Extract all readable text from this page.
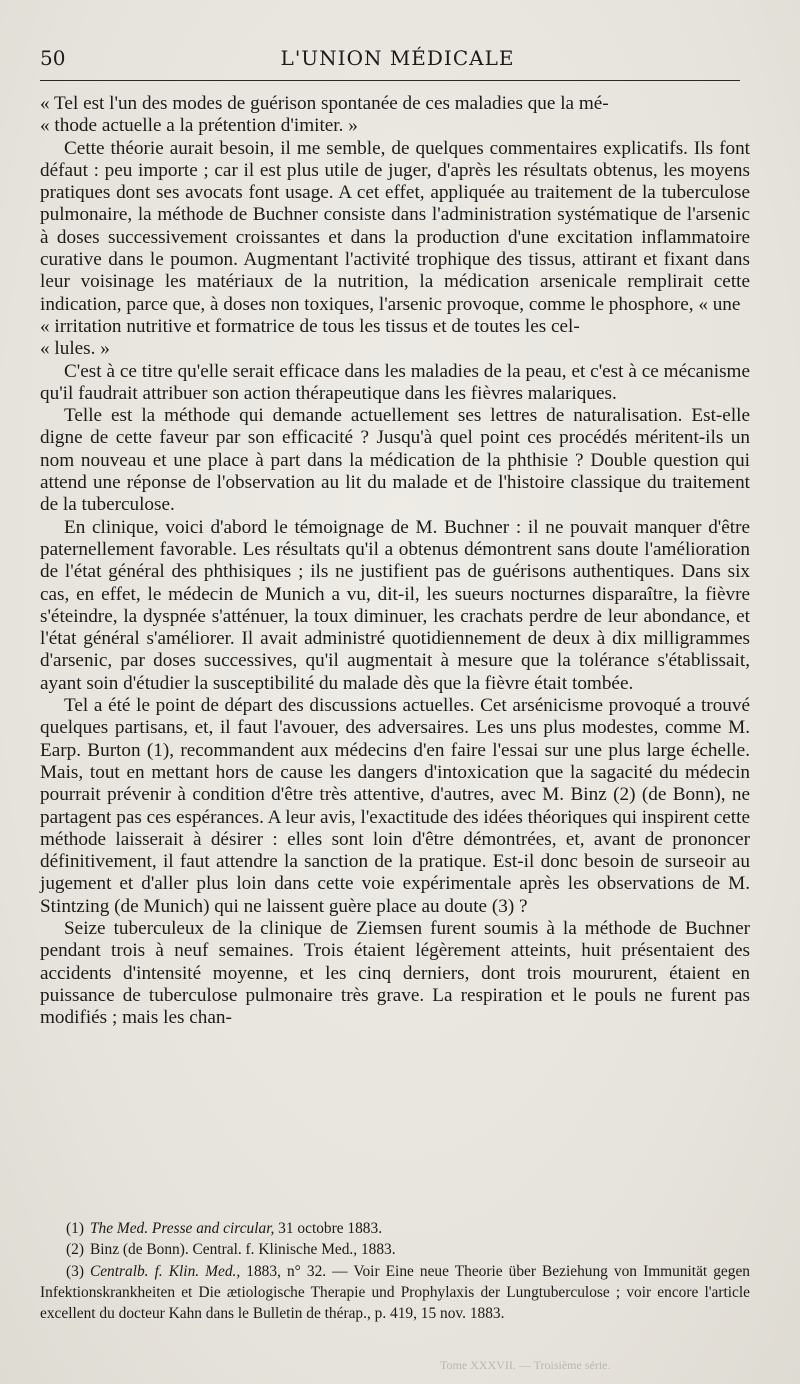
50	L'UNION MÉDICALE

« Tel est l'un des modes de guérison spontanée de ces maladies que la mé-

« thode actuelle a la prétention d'imiter. »

Cette théorie aurait besoin, il me semble, de quelques commentaires explicatifs. Ils font défaut : peu importe ; car il est plus utile de juger, d'après les résultats obtenus, les moyens pratiques dont ses avocats font usage. A cet effet, appliquée au traitement de la tuberculose pulmonaire, la méthode de Buchner consiste dans l'administration systématique de l'arsenic à doses successivement croissantes et dans la production d'une excitation inflammatoire curative dans le poumon. Augmentant l'activité trophique des tissus, attirant et fixant dans leur voisinage les matériaux de la nutrition, la médication arsenicale remplirait cette indication, parce que, à doses non toxiques, l'arsenic provoque, comme le phosphore, « une

« irritation nutritive et formatrice de tous les tissus et de toutes les cel-

« lules. »

C'est à ce titre qu'elle serait efficace dans les maladies de la peau, et c'est à ce mécanisme qu'il faudrait attribuer son action thérapeutique dans les fièvres malariques.

Telle est la méthode qui demande actuellement ses lettres de naturalisation. Est-elle digne de cette faveur par son efficacité ? Jusqu'à quel point ces procédés méritent-ils un nom nouveau et une place à part dans la médication de la phthisie ? Double question qui attend une réponse de l'observation au lit du malade et de l'histoire classique du traitement de la tuberculose.

En clinique, voici d'abord le témoignage de M. Buchner : il ne pouvait manquer d'être paternellement favorable. Les résultats qu'il a obtenus démontrent sans doute l'amélioration de l'état général des phthisiques ; ils ne justifient pas de guérisons authentiques. Dans six cas, en effet, le médecin de Munich a vu, dit-il, les sueurs nocturnes disparaître, la fièvre s'éteindre, la dyspnée s'atténuer, la toux diminuer, les crachats perdre de leur abondance, et l'état général s'améliorer. Il avait administré quotidiennement de deux à dix milligrammes d'arsenic, par doses successives, qu'il augmentait à mesure que la tolérance s'établissait, ayant soin d'étudier la susceptibilité du malade dès que la fièvre était tombée.

Tel a été le point de départ des discussions actuelles. Cet arsénicisme provoqué a trouvé quelques partisans, et, il faut l'avouer, des adversaires. Les uns plus modestes, comme M. Earp. Burton (1), recommandent aux médecins d'en faire l'essai sur une plus large échelle. Mais, tout en mettant hors de cause les dangers d'intoxication que la sagacité du médecin pourrait prévenir à condition d'être très attentive, d'autres, avec M. Binz (2) (de Bonn), ne partagent pas ces espérances. A leur avis, l'exactitude des idées théoriques qui inspirent cette méthode laisserait à désirer : elles sont loin d'être démontrées, et, avant de prononcer définitivement, il faut attendre la sanction de la pratique. Est-il donc besoin de surseoir au jugement et d'aller plus loin dans cette voie expérimentale après les observations de M. Stintzing (de Munich) qui ne laissent guère place au doute (3) ?

Seize tuberculeux de la clinique de Ziemsen furent soumis à la méthode de Buchner pendant trois à neuf semaines. Trois étaient légèrement atteints, huit présentaient des accidents d'intensité moyenne, et les cinq derniers, dont trois moururent, étaient en puissance de tuberculose pulmonaire très grave. La respiration et le pouls ne furent pas modifiés ; mais les chan-

(1) The Med. Presse and circular, 31 octobre 1883.

(2) Binz (de Bonn). Central. f. Klinische Med., 1883.

(3) Centralb. f. Klin. Med., 1883, n° 32. — Voir Eine neue Theorie über Beziehung von Immunität gegen Infektionskrankheiten et Die ætiologische Therapie und Prophylaxis der Lungtuberculose ; voir encore l'article excellent du docteur Kahn dans le Bulletin de thérap., p. 419, 15 nov. 1883.

Tome XXXVII. — Troisième série.
